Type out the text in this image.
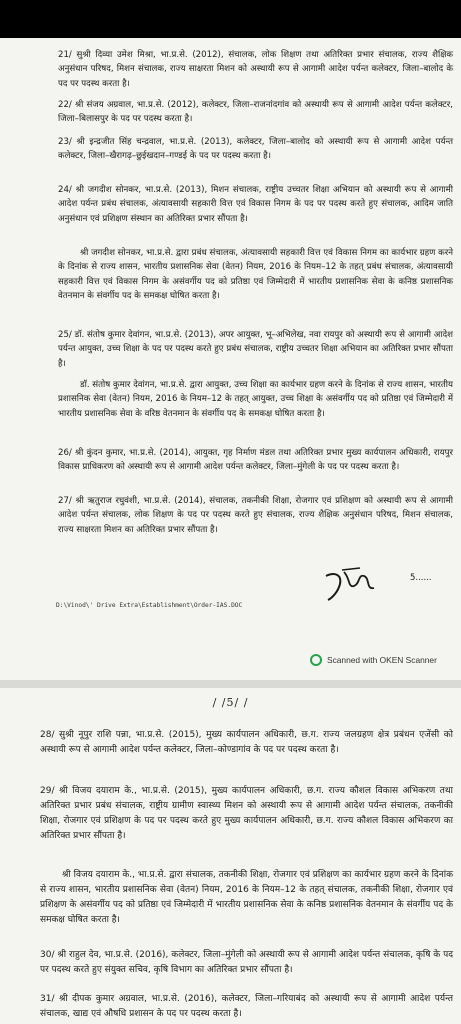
21/ सुश्री दिव्या उमेश मिश्रा, भा.प्र.से. (2012), संचालक, लोक शिक्षण तथा अतिरिक्त प्रभार संचालक, राज्य शैक्षिक अनुसंधान परिषद, मिशन संचालक, राज्य साक्षरता मिशन को अस्थायी रूप से आगामी आदेश पर्यन्त कलेक्टर, जिला–बालोद के पद पर पदस्थ करता है।

22/ श्री संजय अग्रवाल, भा.प्र.से. (2012), कलेक्टर, जिला–राजनांदगांव को अस्थायी रूप से आगामी आदेश पर्यन्त कलेक्टर, जिला–बिलासपुर के पद पर पदस्थ करता है।

23/ श्री इन्द्रजीत सिंह चन्द्रवाल, भा.प्र.से. (2013), कलेक्टर, जिला–बालोद को अस्थायी रूप से आगामी आदेश पर्यन्त कलेक्टर, जिला–खैरागढ़–छुईखदान–गण्डई के पद पर पदस्थ करता है।

24/ श्री जगदीश सोनकर, भा.प्र.से. (2013), मिशन संचालक, राष्ट्रीय उच्चतर शिक्षा अभियान को अस्थायी रूप से आगामी आदेश पर्यन्त प्रबंध संचालक, अंत्यावसायी सहकारी वित्त एवं विकास निगम के पद पर पदस्थ करते हुए संचालक, आदिम जाति अनुसंधान एवं प्रशिक्षण संस्थान का अतिरिक्त प्रभार सौंपता है।

श्री जगदीश सोनकर, भा.प्र.से. द्वारा प्रबंध संचालक, अंत्यावसायी सहकारी वित्त एवं विकास निगम का कार्यभार ग्रहण करने के दिनांक से राज्य शासन, भारतीय प्रशासनिक सेवा (वेतन) नियम, 2016 के नियम–12 के तहत् प्रबंध संचालक, अंत्यावसायी सहकारी वित्त एवं विकास निगम के असंवर्गीय पद को प्रतिष्ठा एवं जिम्मेदारी में भारतीय प्रशासनिक सेवा के कनिष्ठ प्रशासनिक वेतनमान के संवर्गीय पद के समकक्ष घोषित करता है।

25/ डॉ. संतोष कुमार देवांगन, भा.प्र.से. (2013), अपर आयुक्त, भू–अभिलेख, नवा रायपुर को अस्थायी रूप से आगामी आदेश पर्यन्त आयुक्त, उच्च शिक्षा के पद पर पदस्थ करते हुए प्रबंध संचालक, राष्ट्रीय उच्चतर शिक्षा अभियान का अतिरिक्त प्रभार सौंपता है।

डॉ. संतोष कुमार देवांगन, भा.प्र.से. द्वारा आयुक्त, उच्च शिक्षा का कार्यभार ग्रहण करने के दिनांक से राज्य शासन, भारतीय प्रशासनिक सेवा (वेतन) नियम, 2016 के नियम–12 के तहत् आयुक्त, उच्च शिक्षा के असंवर्गीय पद को प्रतिष्ठा एवं जिम्मेदारी में भारतीय प्रशासनिक सेवा के वरिष्ठ वेतनमान के संवर्गीय पद के समकक्ष घोषित करता है।

26/ श्री कुंदन कुमार, भा.प्र.से. (2014), आयुक्त, गृह निर्माण मंडल तथा अतिरिक्त प्रभार मुख्य कार्यपालन अधिकारी, रायपुर विकास प्राधिकरण को अस्थायी रूप से आगामी आदेश पर्यन्त कलेक्टर, जिला–मुंगेली के पद पर पदस्थ करता है।

27/ श्री ऋतुराज रघुवंशी, भा.प्र.से. (2014), संचालक, तकनीकी शिक्षा, रोजगार एवं प्रशिक्षण को अस्थायी रूप से आगामी आदेश पर्यन्त संचालक, लोक शिक्षण के पद पर पदस्थ करते हुए संचालक, राज्य शैक्षिक अनुसंधान परिषद, मिशन संचालक, राज्य साक्षरता मिशन का अतिरिक्त प्रभार सौंपता है।

5......
D:\Vinod\' Drive Extra\Establishment\Order-IAS.DOC
Scanned with OKEN Scanner
/ /5/ /

28/ सुश्री नूपुर राशि पन्ना, भा.प्र.से. (2015), मुख्य कार्यपालन अधिकारी, छ.ग. राज्य जलग्रहण क्षेत्र प्रबंधन एजेंसी को अस्थायी रूप से आगामी आदेश पर्यन्त कलेक्टर, जिला–कोण्डागांव के पद पर पदस्थ करता है।

29/ श्री विजय दयाराम के., भा.प्र.से. (2015), मुख्य कार्यपालन अधिकारी, छ.ग. राज्य कौशल विकास अभिकरण तथा अतिरिक्त प्रभार प्रबंध संचालक, राष्ट्रीय ग्रामीण स्वास्थ्य मिशन को अस्थायी रूप से आगामी आदेश पर्यन्त संचालक, तकनीकी शिक्षा, रोजगार एवं प्रशिक्षण के पद पर पदस्थ करते हुए मुख्य कार्यपालन अधिकारी, छ.ग. राज्य कौशल विकास अभिकरण का अतिरिक्त प्रभार सौंपता है।

श्री विजय दयाराम के., भा.प्र.से. द्वारा संचालक, तकनीकी शिक्षा, रोजगार एवं प्रशिक्षण का कार्यभार ग्रहण करने के दिनांक से राज्य शासन, भारतीय प्रशासनिक सेवा (वेतन) नियम, 2016 के नियम–12 के तहत् संचालक, तकनीकी शिक्षा, रोजगार एवं प्रशिक्षण के असंवर्गीय पद को प्रतिष्ठा एवं जिम्मेदारी में भारतीय प्रशासनिक सेवा के कनिष्ठ प्रशासनिक वेतनमान के संवर्गीय पद के समकक्ष घोषित करता है।

30/ श्री राहुल देव, भा.प्र.से. (2016), कलेक्टर, जिला–मुंगेली को अस्थायी रूप से आगामी आदेश पर्यन्त संचालक, कृषि के पद पर पदस्थ करते हुए संयुक्त सचिव, कृषि विभाग का अतिरिक्त प्रभार सौंपता है।

31/ श्री दीपक कुमार अग्रवाल, भा.प्र.से. (2016), कलेक्टर, जिला–गरियाबंद को अस्थायी रूप से आगामी आदेश पर्यन्त संचालक, खाद्य एवं औषधि प्रशासन के पद पर पदस्थ करता है।
